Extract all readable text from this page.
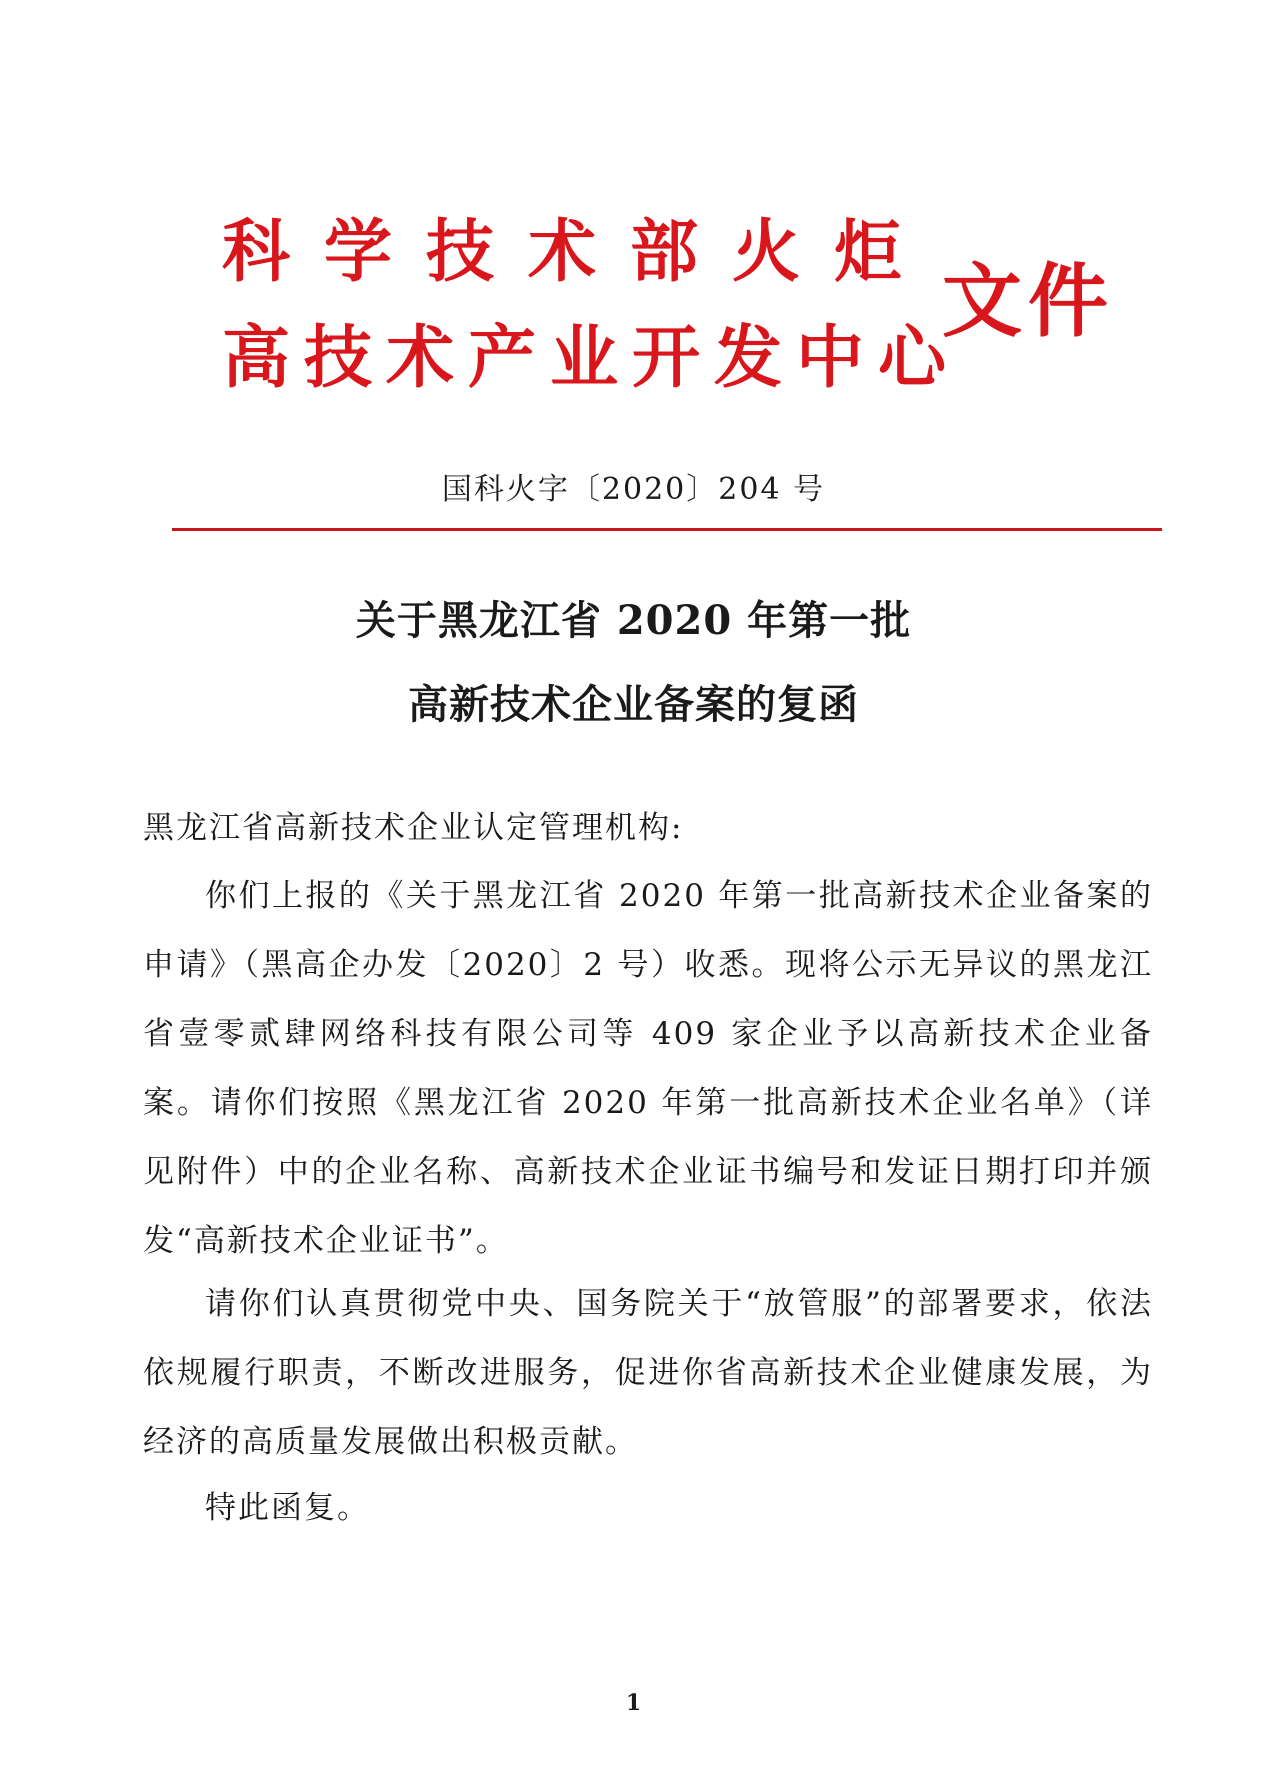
科学技术部火炬
高技术产业开发中心
文件
国科火字〔2020〕204 号
关于黑龙江省 2020 年第一批
高新技术企业备案的复函
黑龙江省高新技术企业认定管理机构:

你们上报的《关于黑龙江省 2020 年第一批高新技术企业备案的申请》（黑高企办发〔2020〕2 号）收悉。现将公示无异议的黑龙江省壹零贰肆网络科技有限公司等 409 家企业予以高新技术企业备案。请你们按照《黑龙江省 2020 年第一批高新技术企业名单》（详见附件）中的企业名称、高新技术企业证书编号和发证日期打印并颁发“高新技术企业证书”。

请你们认真贯彻党中央、国务院关于“放管服”的部署要求，依法依规履行职责，不断改进服务，促进你省高新技术企业健康发展，为经济的高质量发展做出积极贡献。

特此函复。

1
